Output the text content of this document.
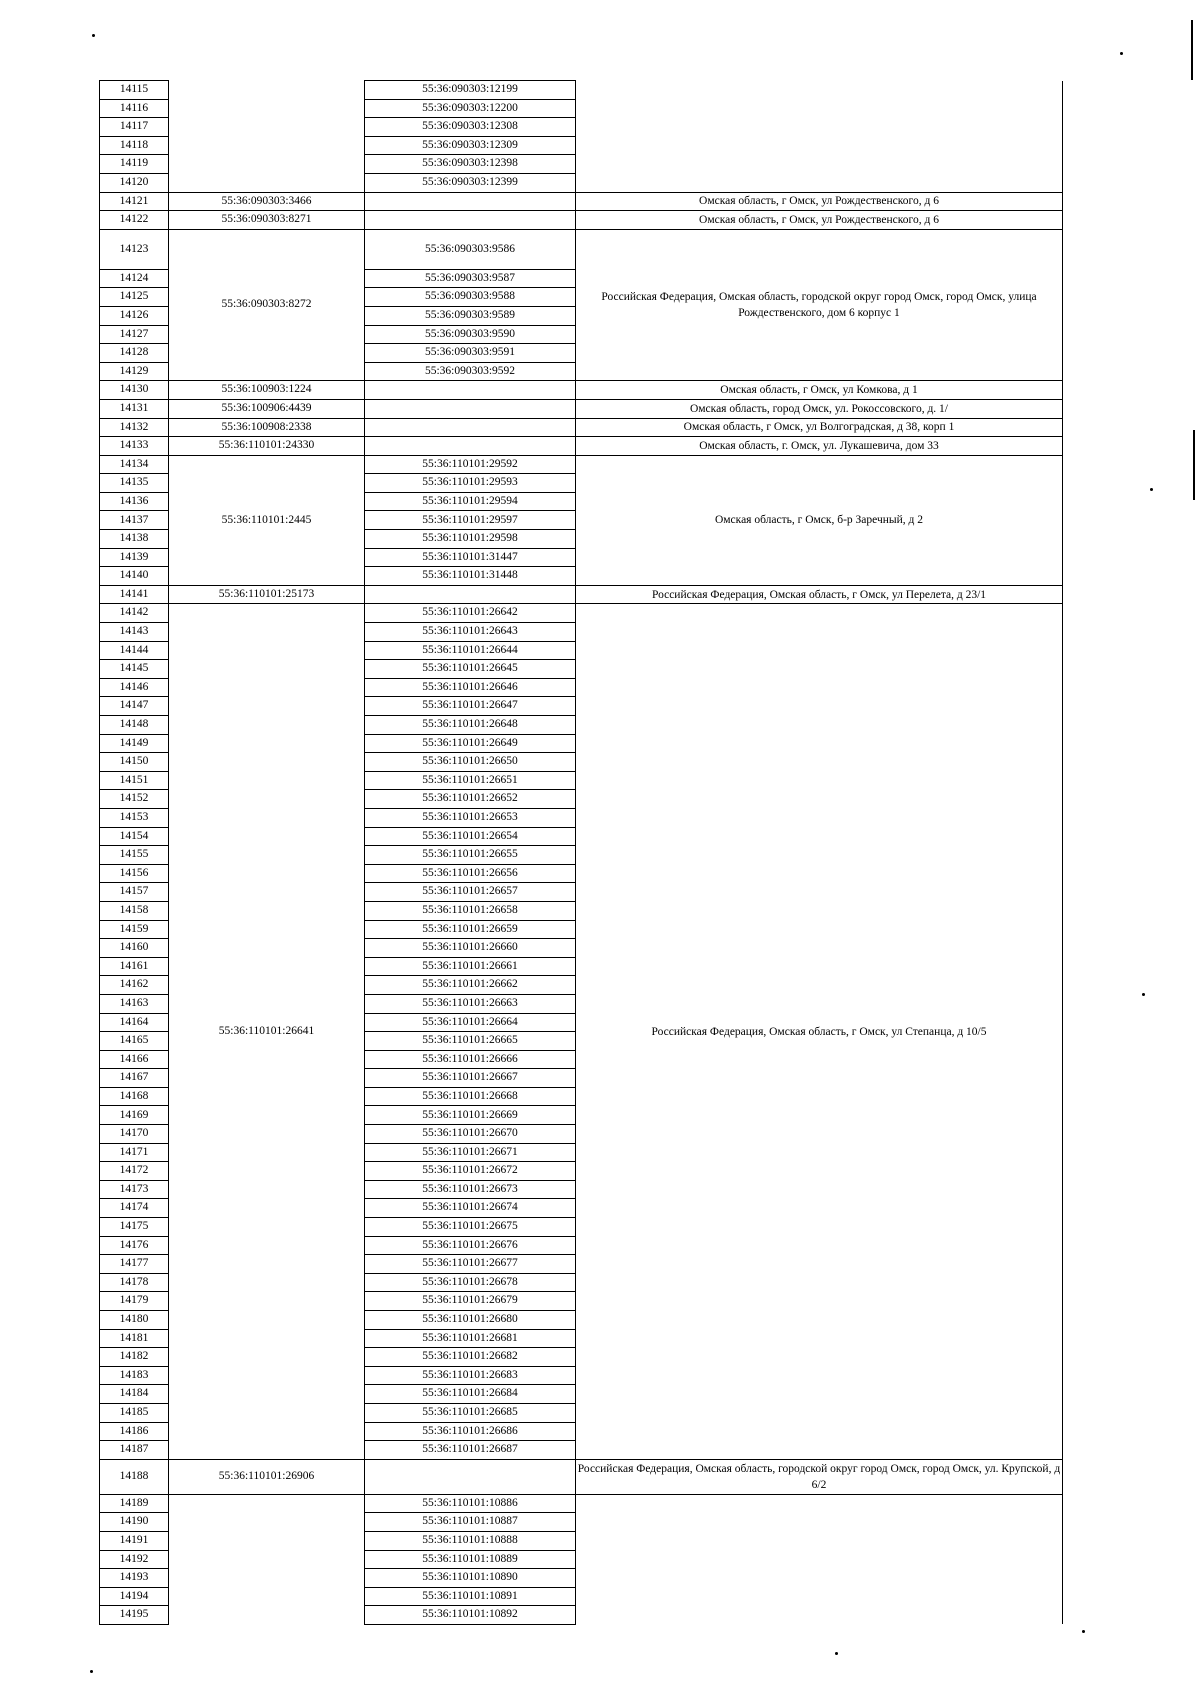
14115		55:36:090303:12199	
14116		55:36:090303:12200	
14117		55:36:090303:12308	
14118		55:36:090303:12309	
14119		55:36:090303:12398	
14120		55:36:090303:12399	
14121	55:36:090303:3466		Омская область, г Омск, ул Рождественского, д 6
14122	55:36:090303:8271		Омская область, г Омск, ул Рождественского, д 6
14123	55:36:090303:8272	55:36:090303:9586	Российская Федерация, Омская область, городской округ город Омск, город Омск, улица Рождественского, дом 6 корпус 1
14124		55:36:090303:9587	
14125		55:36:090303:9588	
14126		55:36:090303:9589	
14127		55:36:090303:9590	
14128		55:36:090303:9591	
14129		55:36:090303:9592	
14130	55:36:100903:1224		Омская область, г Омск, ул Комкова, д 1
14131	55:36:100906:4439		Омская область, город Омск, ул. Рокоссовского, д. 1/
14132	55:36:100908:2338		Омская область, г Омск, ул Волгоградская, д 38, корп 1
14133	55:36:110101:24330		Омская область, г. Омск, ул. Лукашевича, дом 33
14134	55:36:110101:2445	55:36:110101:29592	Омская область, г Омск, б-р Заречный, д 2
14135		55:36:110101:29593	
14136		55:36:110101:29594	
14137		55:36:110101:29597	
14138		55:36:110101:29598	
14139		55:36:110101:31447	
14140		55:36:110101:31448	
14141	55:36:110101:25173		Российская Федерация, Омская область, г Омск, ул Перелета, д 23/1
14142	55:36:110101:26641	55:36:110101:26642	Российская Федерация, Омская область, г Омск, ул Степанца, д 10/5
14143		55:36:110101:26643	
14144		55:36:110101:26644	
14145		55:36:110101:26645	
14146		55:36:110101:26646	
14147		55:36:110101:26647	
14148		55:36:110101:26648	
14149		55:36:110101:26649	
14150		55:36:110101:26650	
14151		55:36:110101:26651	
14152		55:36:110101:26652	
14153		55:36:110101:26653	
14154		55:36:110101:26654	
14155		55:36:110101:26655	
14156		55:36:110101:26656	
14157		55:36:110101:26657	
14158		55:36:110101:26658	
14159		55:36:110101:26659	
14160		55:36:110101:26660	
14161		55:36:110101:26661	
14162		55:36:110101:26662	
14163		55:36:110101:26663	
14164		55:36:110101:26664	
14165		55:36:110101:26665	
14166		55:36:110101:26666	
14167		55:36:110101:26667	
14168		55:36:110101:26668	
14169		55:36:110101:26669	
14170		55:36:110101:26670	
14171		55:36:110101:26671	
14172		55:36:110101:26672	
14173		55:36:110101:26673	
14174		55:36:110101:26674	
14175		55:36:110101:26675	
14176		55:36:110101:26676	
14177		55:36:110101:26677	
14178		55:36:110101:26678	
14179		55:36:110101:26679	
14180		55:36:110101:26680	
14181		55:36:110101:26681	
14182		55:36:110101:26682	
14183		55:36:110101:26683	
14184		55:36:110101:26684	
14185		55:36:110101:26685	
14186		55:36:110101:26686	
14187		55:36:110101:26687	
14188	55:36:110101:26906		Российская Федерация, Омская область, городской округ город Омск, город Омск, ул. Крупской, д 6/2
14189		55:36:110101:10886	
14190		55:36:110101:10887	
14191		55:36:110101:10888	
14192		55:36:110101:10889	
14193		55:36:110101:10890	
14194		55:36:110101:10891	
14195		55:36:110101:10892	
